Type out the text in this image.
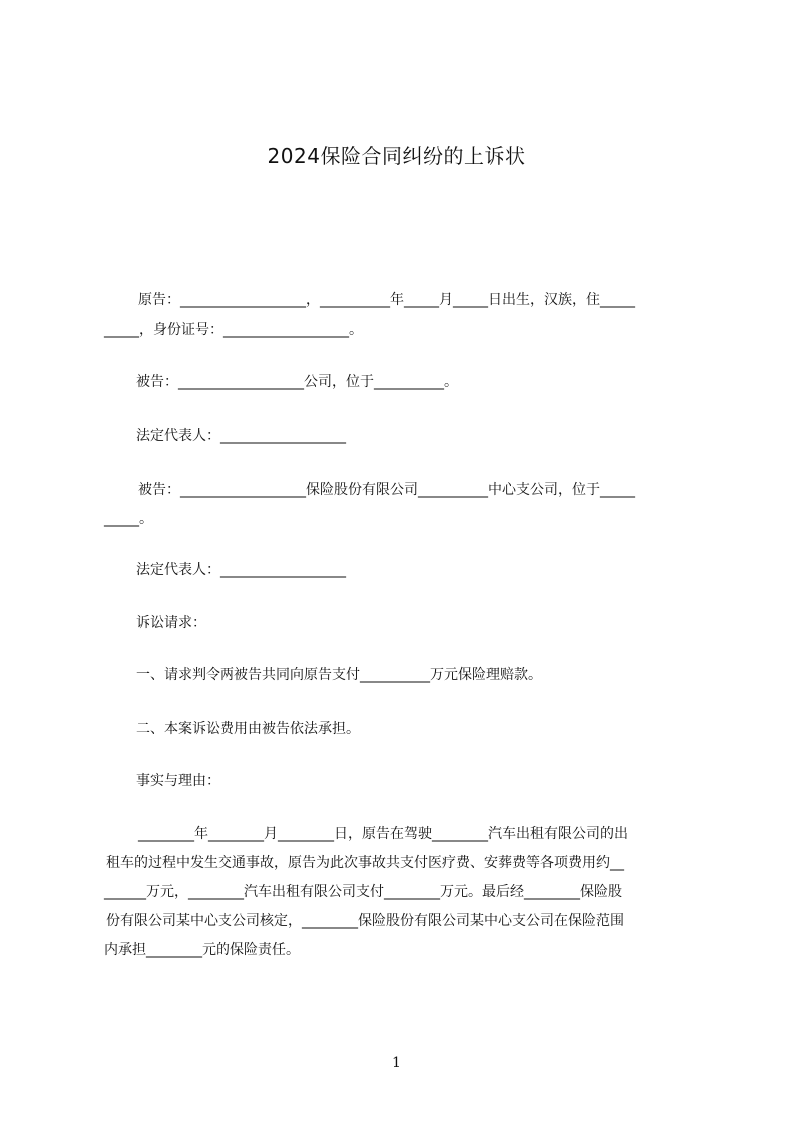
2024保险合同纠纷的上诉状
原告：__________________，__________年_____月_____日出生，汉族，住_____
_____，身份证号：__________________。
被告：__________________公司，位于__________。
法定代表人：__________________
被告：__________________保险股份有限公司__________中心支公司，位于_____
_____。
法定代表人：__________________
诉讼请求：
一、请求判令两被告共同向原告支付__________万元保险理赔款。
二、本案诉讼费用由被告依法承担。
事实与理由：
________年________月________日，原告在驾驶________汽车出租有限公司的出
租车的过程中发生交通事故，原告为此次事故共支付医疗费、安葬费等各项费用约__
______万元，________汽车出租有限公司支付________万元。最后经________保险股
份有限公司某中心支公司核定，________保险股份有限公司某中心支公司在保险范围
内承担________元的保险责任。
1
